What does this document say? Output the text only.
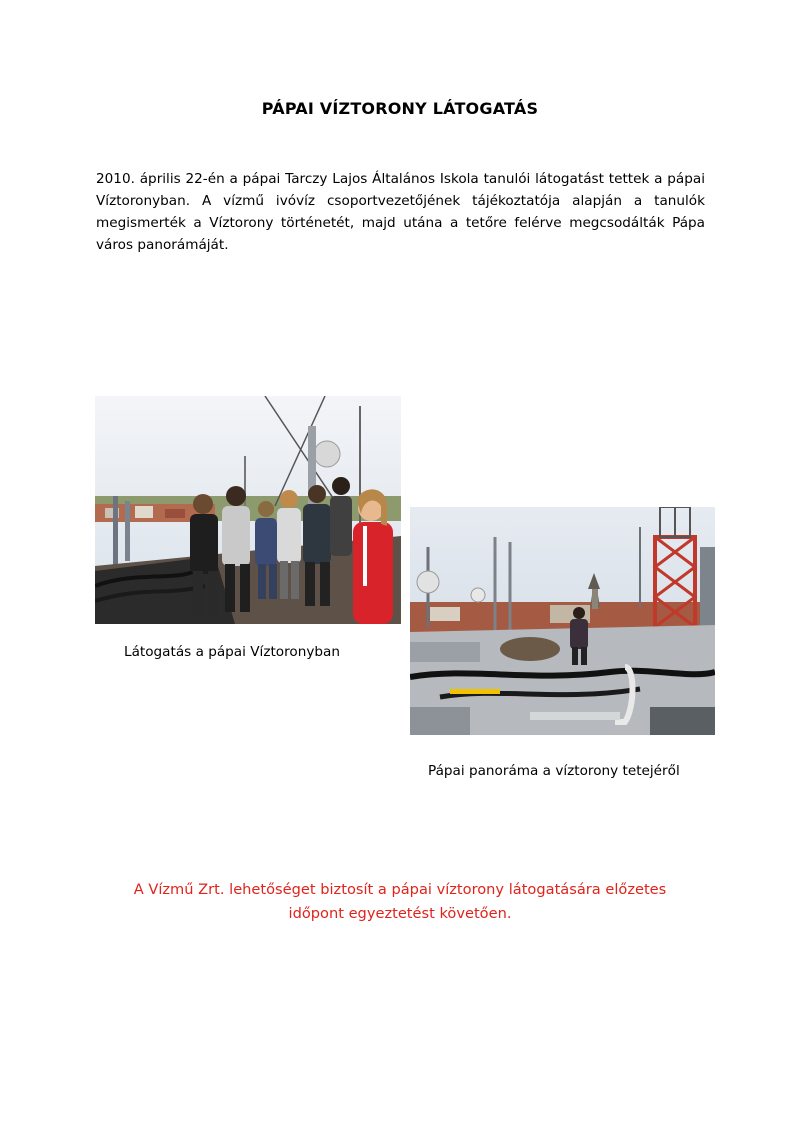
PÁPAI VÍZTORONY LÁTOGATÁS

2010. április 22-én a pápai Tarczy Lajos Általános Iskola tanulói látogatást tettek a pápai Víztoronyban. A vízmű ivóvíz csoportvezetőjének tájékoztatója alapján a tanulók megismerték a Víztorony történetét, majd utána a tetőre felérve megcsodálták Pápa város panorámáját.

Látogatás a pápai Víztoronyban
Pápai panoráma a víztorony tetejéről
A Vízmű Zrt. lehetőséget biztosít a pápai víztorony látogatására előzetes
időpont egyeztetést követően.
